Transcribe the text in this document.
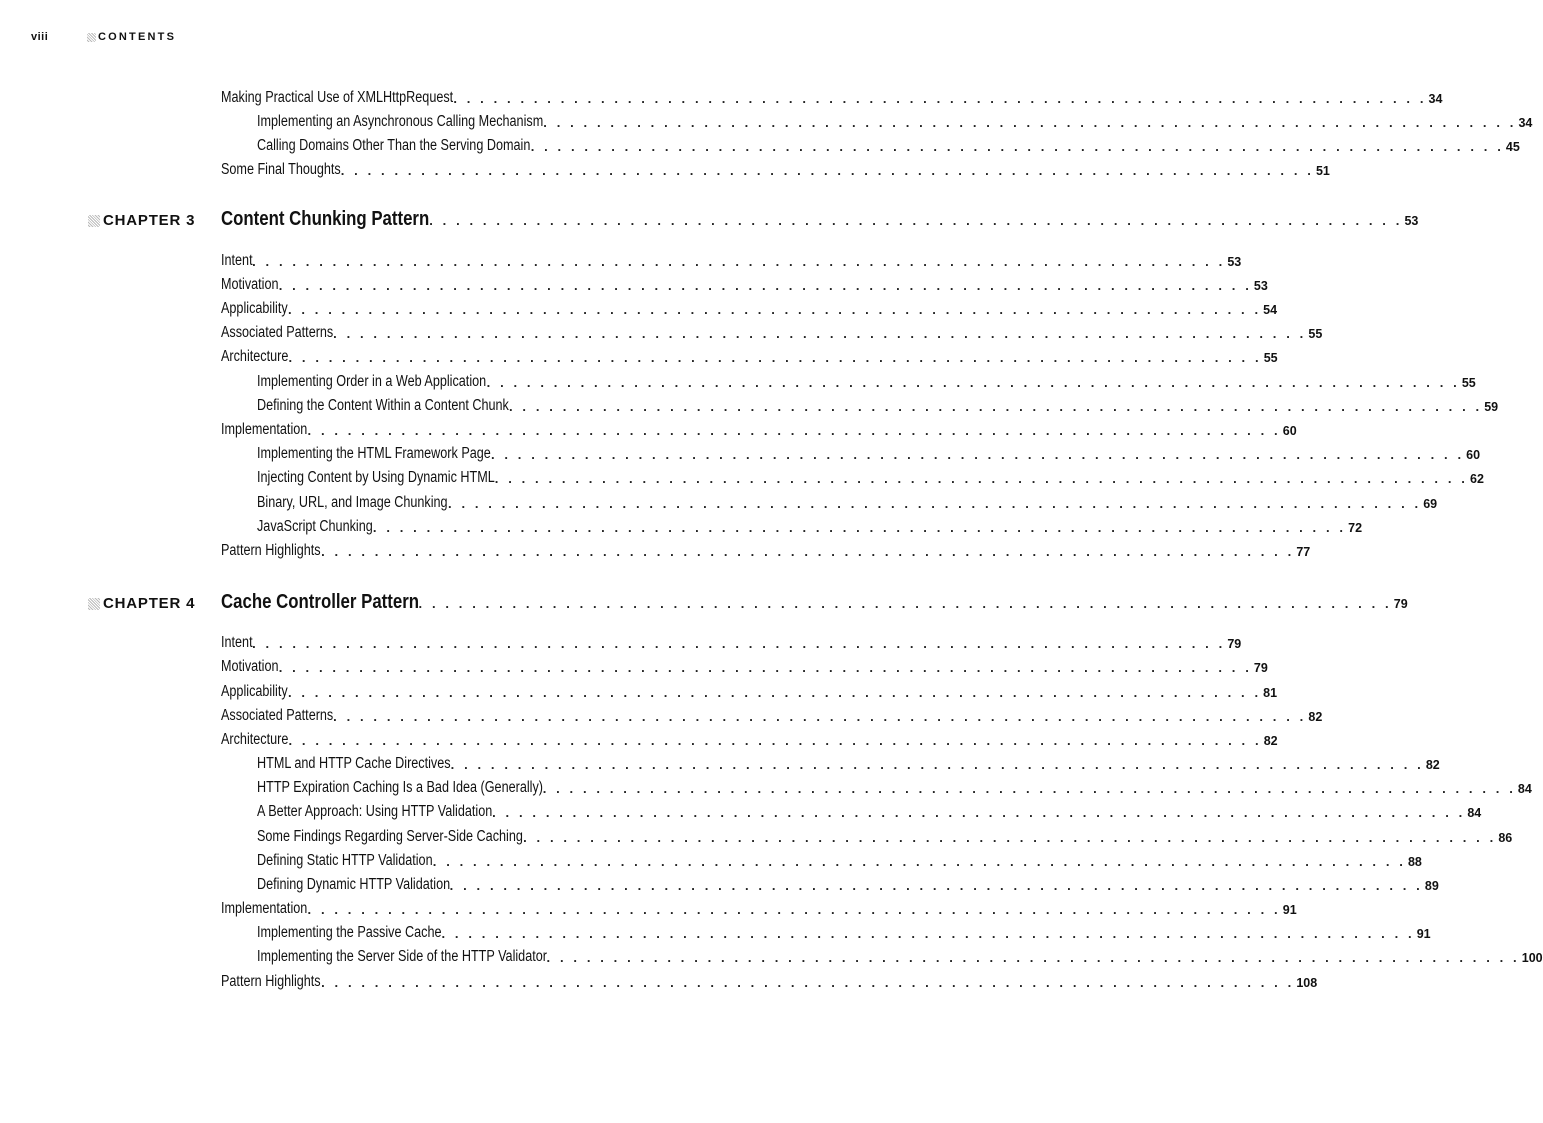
viii	CONTENTS
Making Practical Use of XMLHttpRequest . . . . . . . . . . . . . . . . . . . . . . . . . . . . . . . . . . . . . . . . . . . . . . . . . . . . . . . . . . . . . . . . . . . . . . . . . 34
Implementing an Asynchronous Calling Mechanism . . . . . . . . . . . . . . . . . . . . . . . . . . . . . . . . . . . . . . . . . . . . . . . . . . . . . . . . . . . . . . . . . . . . . . . . . 34
Calling Domains Other Than the Serving Domain . . . . . . . . . . . . . . . . . . . . . . . . . . . . . . . . . . . . . . . . . . . . . . . . . . . . . . . . . . . . . . . . . . . . . . . . . 45
Some Final Thoughts . . . . . . . . . . . . . . . . . . . . . . . . . . . . . . . . . . . . . . . . . . . . . . . . . . . . . . . . . . . . . . . . . . . . . . . . . 51
CHAPTER 3 Content Chunking Pattern . . . . . . . . . . . . . . . . . . . . . . . . . . . . . . . . . . . . . . . . . . . . . . . . . . . . . . . . . . . . . . . . . . . . . . . . . 53
Intent . . . . . . . . . . . . . . . . . . . . . . . . . . . . . . . . . . . . . . . . . . . . . . . . . . . . . . . . . . . . . . . . . . . . . . . . . 53
Motivation . . . . . . . . . . . . . . . . . . . . . . . . . . . . . . . . . . . . . . . . . . . . . . . . . . . . . . . . . . . . . . . . . . . . . . . . . 53
Applicability . . . . . . . . . . . . . . . . . . . . . . . . . . . . . . . . . . . . . . . . . . . . . . . . . . . . . . . . . . . . . . . . . . . . . . . . . 54
Associated Patterns . . . . . . . . . . . . . . . . . . . . . . . . . . . . . . . . . . . . . . . . . . . . . . . . . . . . . . . . . . . . . . . . . . . . . . . . . 55
Architecture . . . . . . . . . . . . . . . . . . . . . . . . . . . . . . . . . . . . . . . . . . . . . . . . . . . . . . . . . . . . . . . . . . . . . . . . . 55
Implementing Order in a Web Application . . . . . . . . . . . . . . . . . . . . . . . . . . . . . . . . . . . . . . . . . . . . . . . . . . . . . . . . . . . . . . . . . . . . . . . . . 55
Defining the Content Within a Content Chunk . . . . . . . . . . . . . . . . . . . . . . . . . . . . . . . . . . . . . . . . . . . . . . . . . . . . . . . . . . . . . . . . . . . . . . . . . 59
Implementation . . . . . . . . . . . . . . . . . . . . . . . . . . . . . . . . . . . . . . . . . . . . . . . . . . . . . . . . . . . . . . . . . . . . . . . . . 60
Implementing the HTML Framework Page . . . . . . . . . . . . . . . . . . . . . . . . . . . . . . . . . . . . . . . . . . . . . . . . . . . . . . . . . . . . . . . . . . . . . . . . . 60
Injecting Content by Using Dynamic HTML . . . . . . . . . . . . . . . . . . . . . . . . . . . . . . . . . . . . . . . . . . . . . . . . . . . . . . . . . . . . . . . . . . . . . . . . . 62
Binary, URL, and Image Chunking . . . . . . . . . . . . . . . . . . . . . . . . . . . . . . . . . . . . . . . . . . . . . . . . . . . . . . . . . . . . . . . . . . . . . . . . . 69
JavaScript Chunking . . . . . . . . . . . . . . . . . . . . . . . . . . . . . . . . . . . . . . . . . . . . . . . . . . . . . . . . . . . . . . . . . . . . . . . . . 72
Pattern Highlights . . . . . . . . . . . . . . . . . . . . . . . . . . . . . . . . . . . . . . . . . . . . . . . . . . . . . . . . . . . . . . . . . . . . . . . . . 77
CHAPTER 4 Cache Controller Pattern . . . . . . . . . . . . . . . . . . . . . . . . . . . . . . . . . . . . . . . . . . . . . . . . . . . . . . . . . . . . . . . . . . . . . . . . . 79
Intent . . . . . . . . . . . . . . . . . . . . . . . . . . . . . . . . . . . . . . . . . . . . . . . . . . . . . . . . . . . . . . . . . . . . . . . . . 79
Motivation . . . . . . . . . . . . . . . . . . . . . . . . . . . . . . . . . . . . . . . . . . . . . . . . . . . . . . . . . . . . . . . . . . . . . . . . . 79
Applicability . . . . . . . . . . . . . . . . . . . . . . . . . . . . . . . . . . . . . . . . . . . . . . . . . . . . . . . . . . . . . . . . . . . . . . . . . 81
Associated Patterns . . . . . . . . . . . . . . . . . . . . . . . . . . . . . . . . . . . . . . . . . . . . . . . . . . . . . . . . . . . . . . . . . . . . . . . . . 82
Architecture . . . . . . . . . . . . . . . . . . . . . . . . . . . . . . . . . . . . . . . . . . . . . . . . . . . . . . . . . . . . . . . . . . . . . . . . . 82
HTML and HTTP Cache Directives . . . . . . . . . . . . . . . . . . . . . . . . . . . . . . . . . . . . . . . . . . . . . . . . . . . . . . . . . . . . . . . . . . . . . . . . . 82
HTTP Expiration Caching Is a Bad Idea (Generally) . . . . . . . . . . . . . . . . . . . . . . . . . . . . . . . . . . . . . . . . . . . . . . . . . . . . . . . . . . . . . . . . . . . . . . . . . 84
A Better Approach: Using HTTP Validation . . . . . . . . . . . . . . . . . . . . . . . . . . . . . . . . . . . . . . . . . . . . . . . . . . . . . . . . . . . . . . . . . . . . . . . . . 84
Some Findings Regarding Server-Side Caching . . . . . . . . . . . . . . . . . . . . . . . . . . . . . . . . . . . . . . . . . . . . . . . . . . . . . . . . . . . . . . . . . . . . . . . . . 86
Defining Static HTTP Validation . . . . . . . . . . . . . . . . . . . . . . . . . . . . . . . . . . . . . . . . . . . . . . . . . . . . . . . . . . . . . . . . . . . . . . . . . 88
Defining Dynamic HTTP Validation . . . . . . . . . . . . . . . . . . . . . . . . . . . . . . . . . . . . . . . . . . . . . . . . . . . . . . . . . . . . . . . . . . . . . . . . . 89
Implementation . . . . . . . . . . . . . . . . . . . . . . . . . . . . . . . . . . . . . . . . . . . . . . . . . . . . . . . . . . . . . . . . . . . . . . . . . 91
Implementing the Passive Cache . . . . . . . . . . . . . . . . . . . . . . . . . . . . . . . . . . . . . . . . . . . . . . . . . . . . . . . . . . . . . . . . . . . . . . . . . 91
Implementing the Server Side of the HTTP Validator . . . . . . . . . . . . . . . . . . . . . . . . . . . . . . . . . . . . . . . . . . . . . . . . . . . . . . . . . . . . . . . . . . . . . . . . . 100
Pattern Highlights . . . . . . . . . . . . . . . . . . . . . . . . . . . . . . . . . . . . . . . . . . . . . . . . . . . . . . . . . . . . . . . . . . . . . . . . . 108
